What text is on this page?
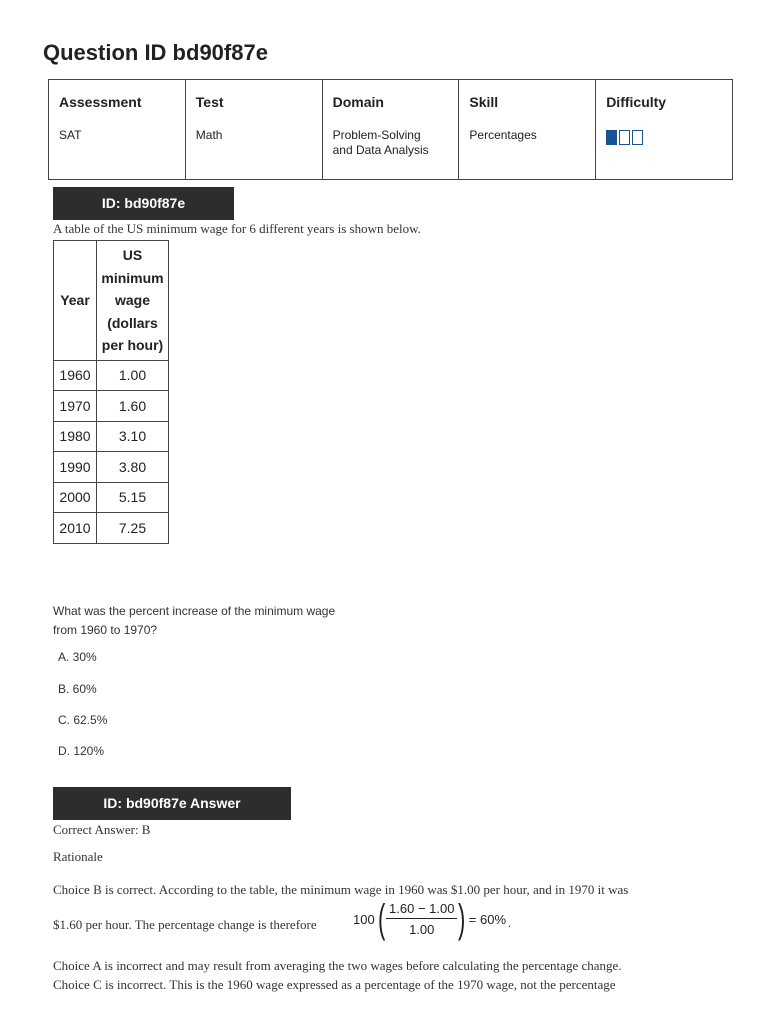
Question ID bd90f87e
Assessment
SAT

Test
Math

Domain
Problem-Solving and Data Analysis

Skill
Percentages

Difficulty
ID: bd90f87e
A table of the US minimum wage for 6 different years is shown below.
Year	US minimum wage (dollars per hour)
1960	1.00
1970	1.60
1980	3.10
1990	3.80
2000	5.15
2010	7.25
What was the percent increase of the minimum wage from 1960 to 1970?
A. 30%
B. 60%
C. 62.5%
D. 120%
ID: bd90f87e Answer
Correct Answer: B
Rationale
Choice B is correct. According to the table, the minimum wage in 1960 was $1.00 per hour, and in 1970 it was
$1.60 per hour. The percentage change is therefore	100 ( $\frac{1.60 - 1.00}{1.00}$ ) = 60% .
Choice A is incorrect and may result from averaging the two wages before calculating the percentage change.
Choice C is incorrect. This is the 1960 wage expressed as a percentage of the 1970 wage, not the percentage
